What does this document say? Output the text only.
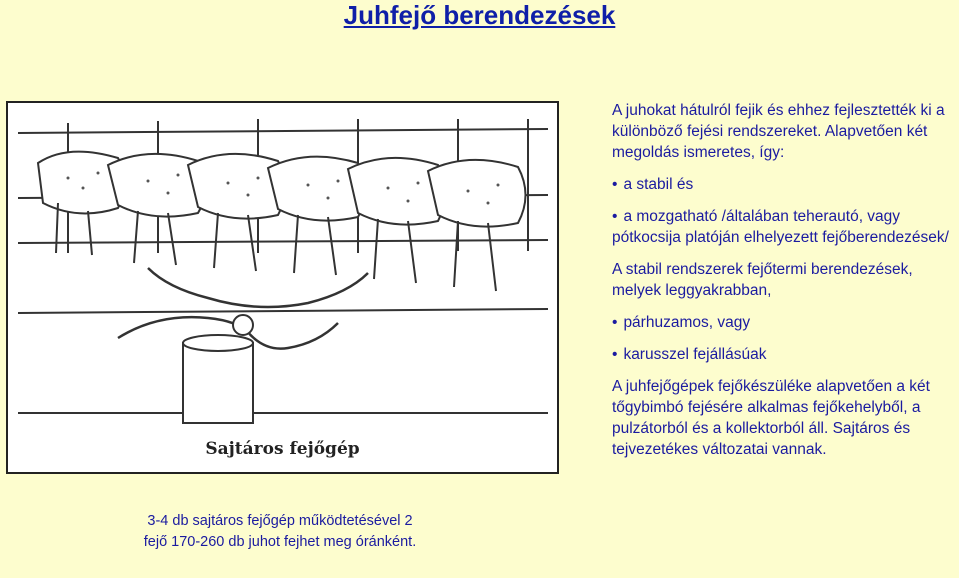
Juhfejő berendezések
Sajtáros fejőgép
3-4 db sajtáros fejőgép működtetésével 2
fejő 170-260 db juhot fejhet meg óránként.

A juhokat hátulról fejik és ehhez fejlesztették ki a különböző fejési rendszereket. Alapvetően két megoldás ismeretes, így:

• a stabil és

• a mozgatható /általában teherautó, vagy pótkocsija platóján elhelyezett fejőberendezések/

A stabil rendszerek fejőtermi berendezések, melyek leggyakrabban,

• párhuzamos, vagy

• karusszel fejállásúak

A juhfejőgépek fejőkészüléke alapvetően a két tőgybimbó fejésére alkalmas fejőkehelyből, a pulzátorból és a kollektorból áll. Sajtáros és tejvezetékes változatai vannak.
